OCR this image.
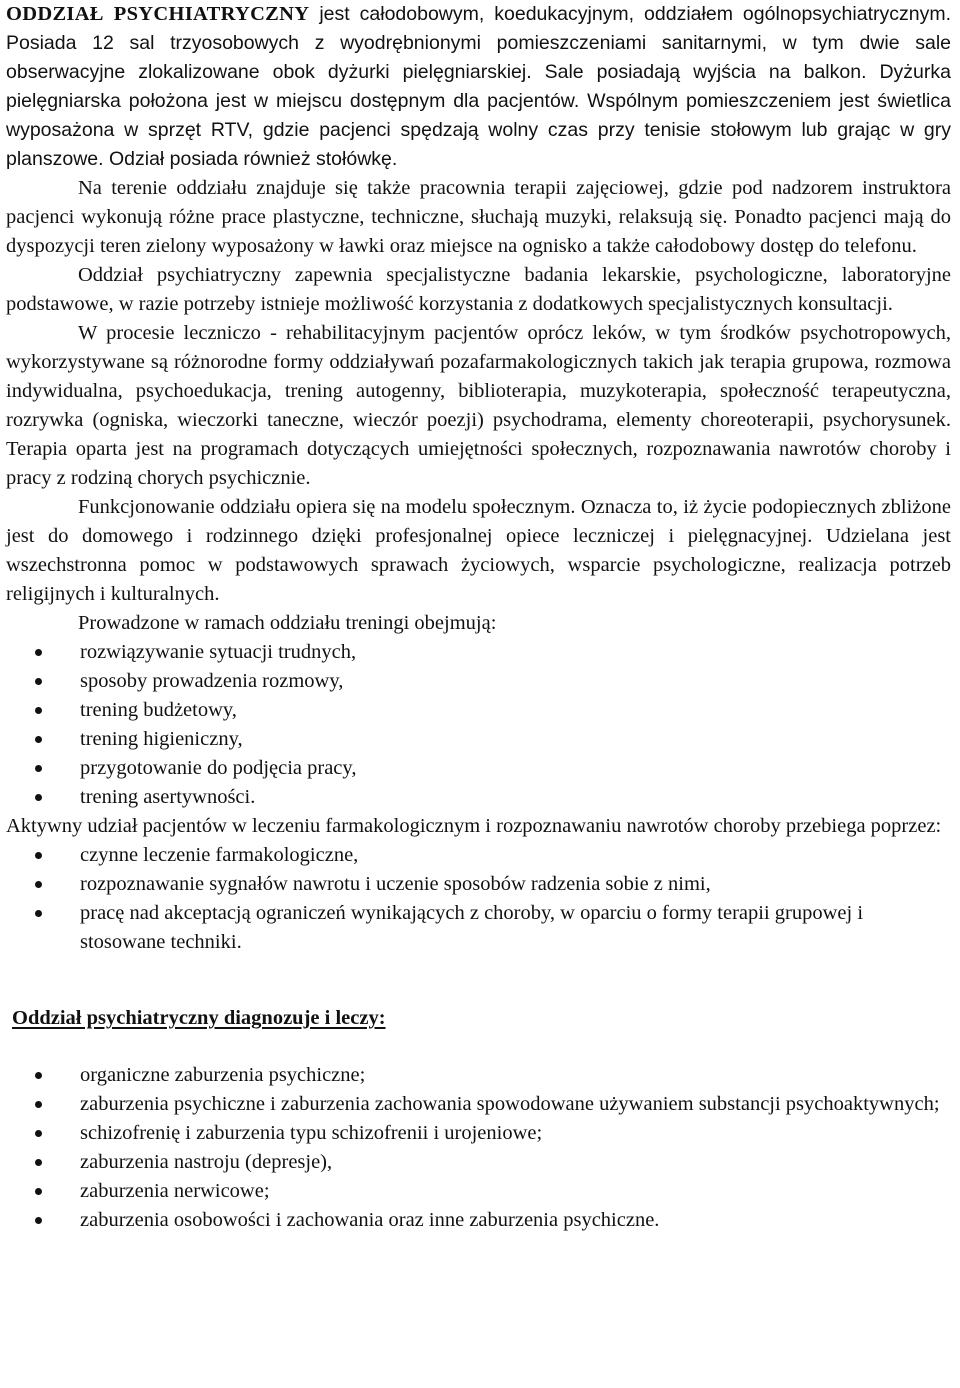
ODDZIAŁ PSYCHIATRYCZNY jest całodobowym, koedukacyjnym, oddziałem ogólnopsychiatrycznym. Posiada 12 sal trzyosobowych z wyodrębnionymi pomieszczeniami sanitarnymi, w tym dwie sale obserwacyjne zlokalizowane obok dyżurki pielęgniarskiej. Sale posiadają wyjścia na balkon. Dyżurka pielęgniarska położona jest w miejscu dostępnym dla pacjentów. Wspólnym pomieszczeniem jest świetlica wyposażona w sprzęt RTV, gdzie pacjenci spędzają wolny czas przy tenisie stołowym lub grając w gry planszowe. Odział posiada również stołówkę.

Na terenie oddziału znajduje się także pracownia terapii zajęciowej, gdzie pod nadzorem instruktora pacjenci wykonują różne prace plastyczne, techniczne, słuchają muzyki, relaksują się. Ponadto pacjenci mają do dyspozycji teren zielony wyposażony w ławki oraz miejsce na ognisko a także całodobowy dostęp do telefonu.

Oddział psychiatryczny zapewnia specjalistyczne badania lekarskie, psychologiczne, laboratoryjne podstawowe, w razie potrzeby istnieje możliwość korzystania z dodatkowych specjalistycznych konsultacji.

W procesie leczniczo - rehabilitacyjnym pacjentów oprócz leków, w tym środków psychotropowych, wykorzystywane są różnorodne formy oddziaływań pozafarmakologicznych takich jak terapia grupowa, rozmowa indywidualna, psychoedukacja, trening autogenny, biblioterapia, muzykoterapia, społeczność terapeutyczna, rozrywka (ogniska, wieczorki taneczne, wieczór poezji) psychodrama, elementy choreoterapii, psychorysunek. Terapia oparta jest na programach dotyczących umiejętności społecznych, rozpoznawania nawrotów choroby i pracy z rodziną chorych psychicznie.

Funkcjonowanie oddziału opiera się na modelu społecznym. Oznacza to, iż życie podopiecznych zbliżone jest do domowego i rodzinnego dzięki profesjonalnej opiece leczniczej i pielęgnacyjnej. Udzielana jest wszechstronna pomoc w podstawowych sprawach życiowych, wsparcie psychologiczne, realizacja potrzeb religijnych i kulturalnych.

Prowadzone w ramach oddziału treningi obejmują:

rozwiązywanie sytuacji trudnych,
sposoby prowadzenia rozmowy,
trening budżetowy,
trening higieniczny,
przygotowanie do podjęcia pracy,
trening asertywności.

Aktywny udział pacjentów w leczeniu farmakologicznym i rozpoznawaniu nawrotów choroby przebiega poprzez:

czynne leczenie farmakologiczne,
rozpoznawanie sygnałów nawrotu i uczenie sposobów radzenia sobie z nimi,
pracę nad akceptacją ograniczeń wynikających z choroby, w oparciu o formy terapii grupowej i stosowane techniki.
Oddział psychiatryczny diagnozuje i leczy:
organiczne zaburzenia psychiczne;
zaburzenia psychiczne i zaburzenia zachowania spowodowane używaniem substancji psychoaktywnych;
schizofrenię i zaburzenia typu schizofrenii i urojeniowe;
zaburzenia nastroju (depresje),
zaburzenia nerwicowe;
zaburzenia osobowości i zachowania oraz inne zaburzenia psychiczne.
